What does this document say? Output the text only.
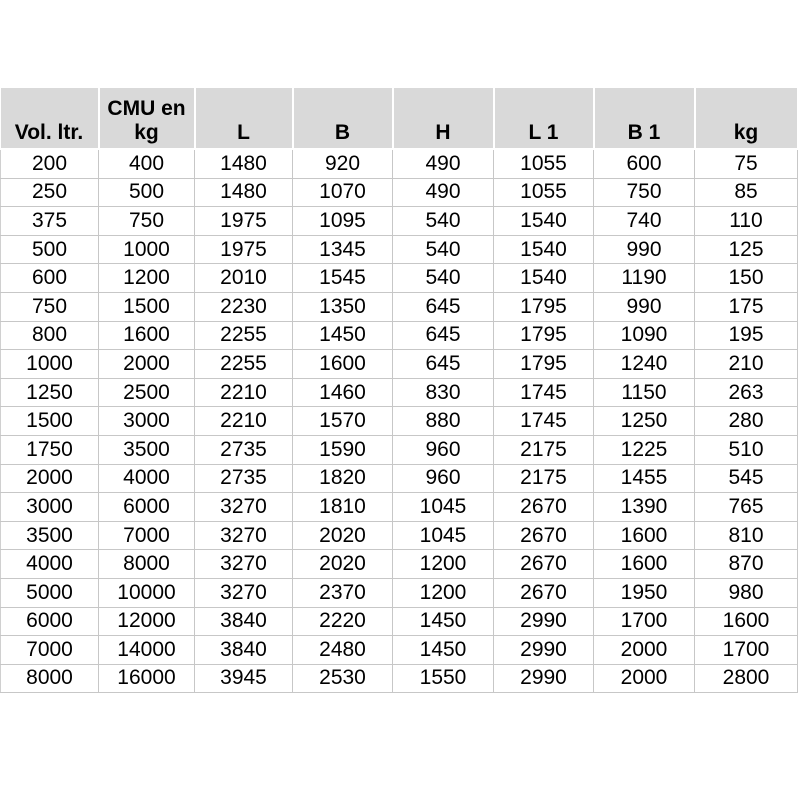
Vol. ltr.	CMU en kg	L	B	H	L 1	B 1	kg
200	400	1480	920	490	1055	600	75
250	500	1480	1070	490	1055	750	85
375	750	1975	1095	540	1540	740	110
500	1000	1975	1345	540	1540	990	125
600	1200	2010	1545	540	1540	1190	150
750	1500	2230	1350	645	1795	990	175
800	1600	2255	1450	645	1795	1090	195
1000	2000	2255	1600	645	1795	1240	210
1250	2500	2210	1460	830	1745	1150	263
1500	3000	2210	1570	880	1745	1250	280
1750	3500	2735	1590	960	2175	1225	510
2000	4000	2735	1820	960	2175	1455	545
3000	6000	3270	1810	1045	2670	1390	765
3500	7000	3270	2020	1045	2670	1600	810
4000	8000	3270	2020	1200	2670	1600	870
5000	10000	3270	2370	1200	2670	1950	980
6000	12000	3840	2220	1450	2990	1700	1600
7000	14000	3840	2480	1450	2990	2000	1700
8000	16000	3945	2530	1550	2990	2000	2800
